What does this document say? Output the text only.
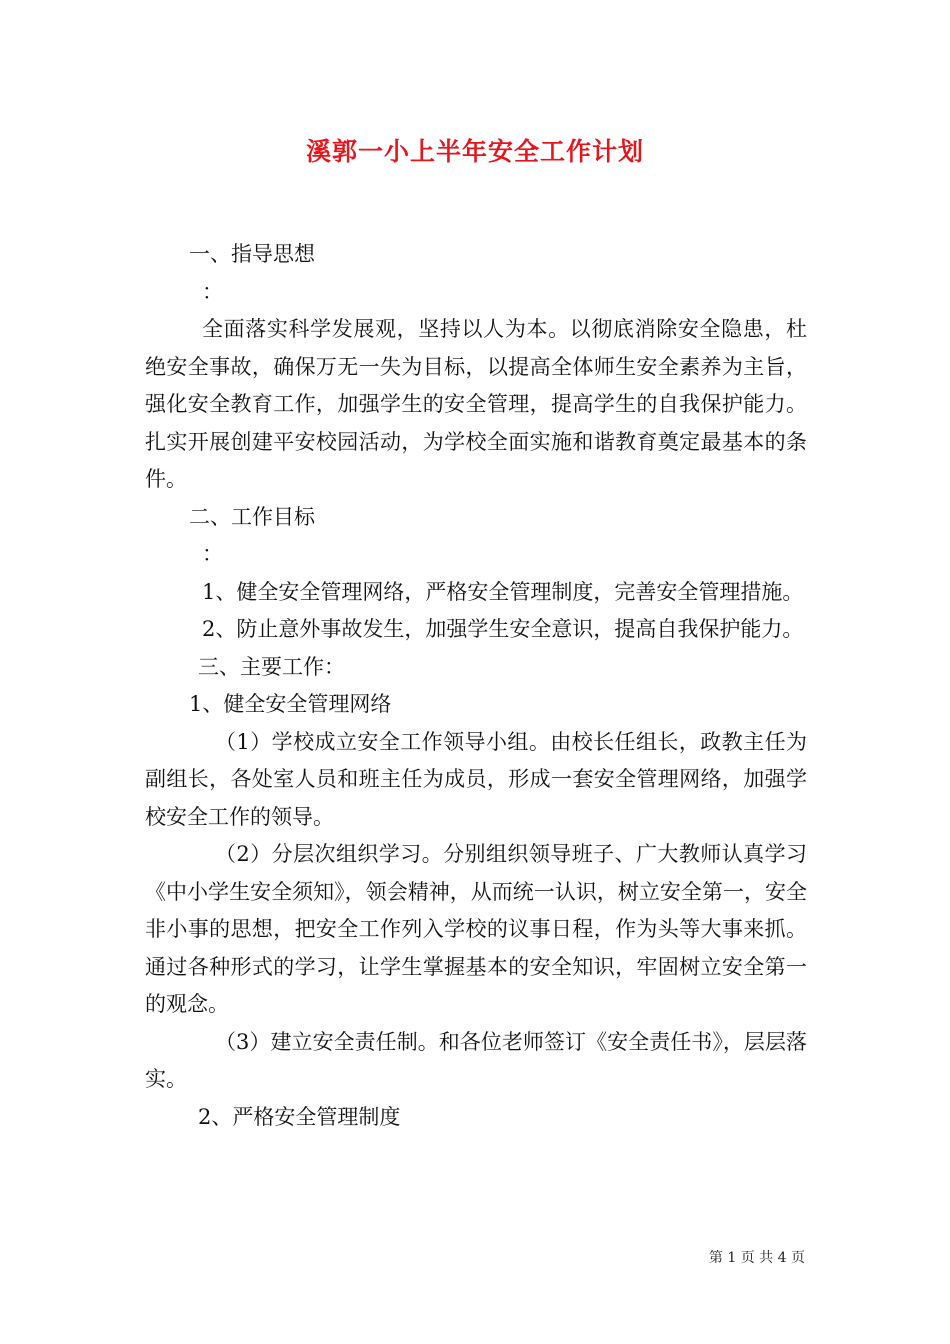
溪郭一小上半年安全工作计划

一、指导思想

：

全面落实科学发展观，坚持以人为本。以彻底消除安全隐患，杜绝安全事故，确保万无一失为目标，以提高全体师生安全素养为主旨，强化安全教育工作，加强学生的安全管理，提高学生的自我保护能力。扎实开展创建平安校园活动，为学校全面实施和谐教育奠定最基本的条件。

二、工作目标

：

1、健全安全管理网络，严格安全管理制度，完善安全管理措施。

2、防止意外事故发生，加强学生安全意识，提高自我保护能力。

三、主要工作：

1、健全安全管理网络

（1）学校成立安全工作领导小组。由校长任组长，政教主任为副组长，各处室人员和班主任为成员，形成一套安全管理网络，加强学校安全工作的领导。

（2）分层次组织学习。分别组织领导班子、广大教师认真学习《中小学生安全须知》，领会精神，从而统一认识，树立安全第一，安全非小事的思想，把安全工作列入学校的议事日程，作为头等大事来抓。通过各种形式的学习，让学生掌握基本的安全知识，牢固树立安全第一的观念。

（3）建立安全责任制。和各位老师签订《安全责任书》，层层落实。

2、严格安全管理制度

第 1 页 共 4 页
